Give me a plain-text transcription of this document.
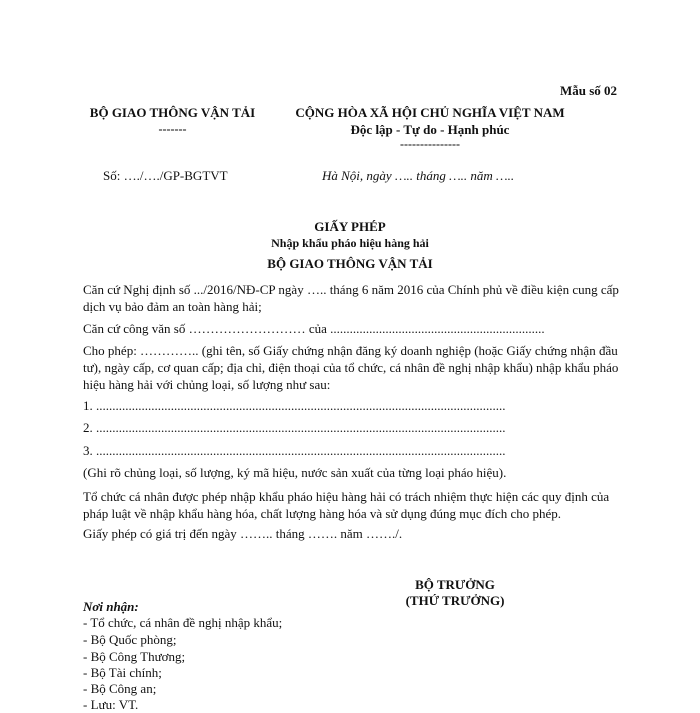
Mẫu số 02
BỘ GIAO THÔNG VẬN TẢI
-------
CỘNG HÒA XÃ HỘI CHỦ NGHĨA VIỆT NAM
Độc lập - Tự do - Hạnh phúc
---------------
Số: …./…./GP-BGTVT	Hà Nội, ngày ….. tháng ….. năm …..
GIẤY PHÉP
Nhập khẩu pháo hiệu hàng hải
BỘ GIAO THÔNG VẬN TẢI
Căn cứ Nghị định số .../2016/NĐ-CP ngày ….. tháng 6 năm 2016 của Chính phủ về điều kiện cung cấp dịch vụ bảo đảm an toàn hàng hải;
Căn cứ công văn số ……………………… của ..................................................................
Cho phép: ………….. (ghi tên, số Giấy chứng nhận đăng ký doanh nghiệp (hoặc Giấy chứng nhận đầu tư), ngày cấp, cơ quan cấp; địa chỉ, điện thoại của tổ chức, cá nhân đề nghị nhập khẩu) nhập khẩu pháo hiệu hàng hải với chủng loại, số lượng như sau:
1. ..............................................................................................................................
2. ..............................................................................................................................
3. ..............................................................................................................................
(Ghi rõ chủng loại, số lượng, ký mã hiệu, nước sản xuất của từng loại pháo hiệu).
Tổ chức cá nhân được phép nhập khẩu pháo hiệu hàng hải có trách nhiệm thực hiện các quy định của pháp luật về nhập khẩu hàng hóa, chất lượng hàng hóa và sử dụng đúng mục đích cho phép.
Giấy phép có giá trị đến ngày …….. tháng ……. năm ……./.
BỘ TRƯỞNG
(THỨ TRƯỞNG)
Nơi nhận:
- Tổ chức, cá nhân đề nghị nhập khẩu;
- Bộ Quốc phòng;
- Bộ Công Thương;
- Bộ Tài chính;
- Bộ Công an;
- Lưu: VT.
